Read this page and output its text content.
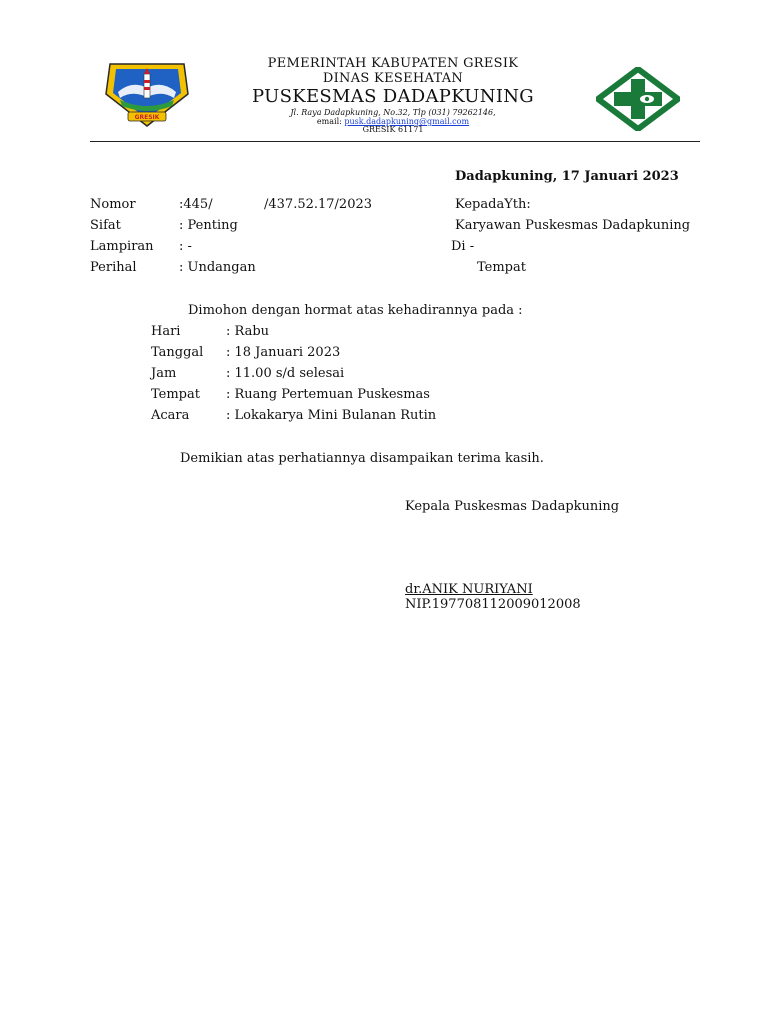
GRESIK
PEMERINTAH KABUPATEN GRESIK
DINAS KESEHATAN
PUSKESMAS DADAPKUNING
Jl. Raya Dadapkuning, No.32, Tlp (031) 79262146,
email: pusk.dadapkuning@gmail.com
GRESIK 61171
Dadapkuning, 17 Januari 2023
Nomor	:445/	/437.52.17/2023
Sifat	: Penting
Lampiran : -
Perihal	: Undangan
KepadaYth:
Karyawan Puskesmas Dadapkuning
Di -
Tempat
Dimohon dengan hormat atas kehadirannya pada :
Hari	: Rabu
Tanggal : 18 Januari 2023
Jam	: 11.00 s/d selesai
Tempat : Ruang Pertemuan Puskesmas
Acara	: Lokakarya Mini Bulanan Rutin
Demikian atas perhatiannya disampaikan terima kasih.
Kepala Puskesmas Dadapkuning
dr.ANIK NURIYANI
NIP.197708112009012008
